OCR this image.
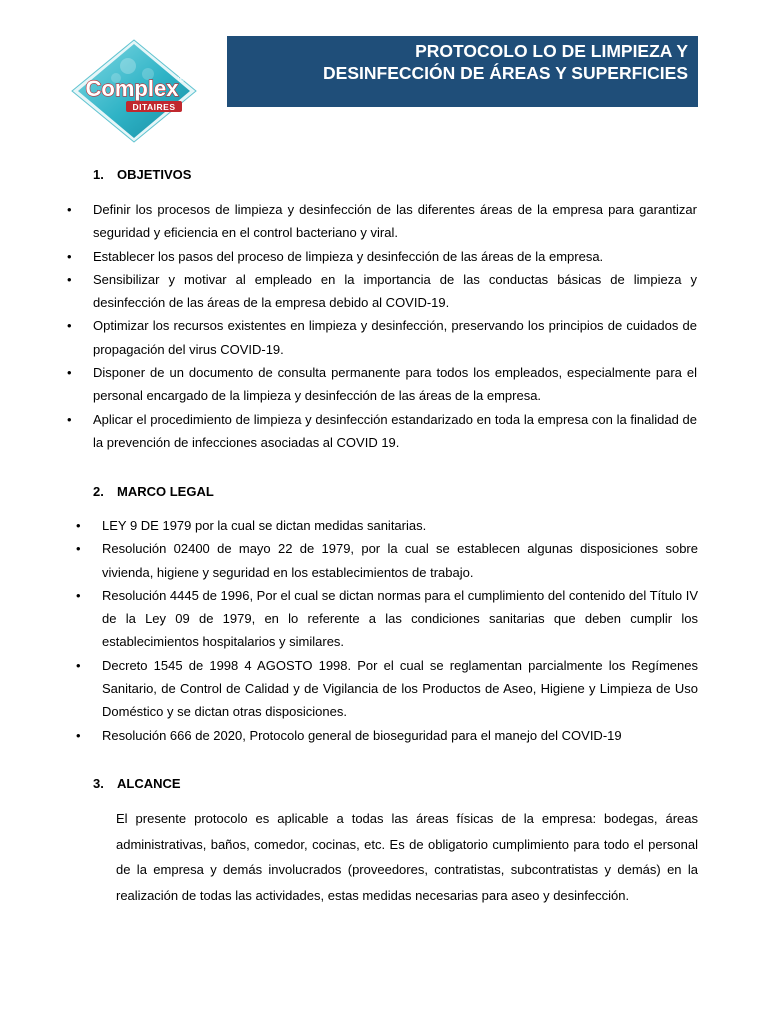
Complex ®
DITAIRES
PROTOCOLO LO DE LIMPIEZA Y
DESINFECCIÓN DE ÁREAS Y SUPERFICIES
1. OBJETIVOS
• Definir los procesos de limpieza y desinfección de las diferentes áreas de la empresa para garantizar seguridad y eficiencia en el control bacteriano y viral.
• Establecer los pasos del proceso de limpieza y desinfección de las áreas de la empresa.
• Sensibilizar y motivar al empleado en la importancia de las conductas básicas de limpieza y desinfección de las áreas de la empresa debido al COVID-19.
• Optimizar los recursos existentes en limpieza y desinfección, preservando los principios de cuidados de propagación del virus COVID-19.
• Disponer de un documento de consulta permanente para todos los empleados, especialmente para el personal encargado de la limpieza y desinfección de las áreas de la empresa.
• Aplicar el procedimiento de limpieza y desinfección estandarizado en toda la empresa con la finalidad de la prevención de infecciones asociadas al COVID 19.
2. MARCO LEGAL
• LEY 9 DE 1979 por la cual se dictan medidas sanitarias.
• Resolución 02400 de mayo 22 de 1979, por la cual se establecen algunas disposiciones sobre vivienda, higiene y seguridad en los establecimientos de trabajo.
• Resolución 4445 de 1996, Por el cual se dictan normas para el cumplimiento del contenido del Título IV de la Ley 09 de 1979, en lo referente a las condiciones sanitarias que deben cumplir los establecimientos hospitalarios y similares.
• Decreto 1545 de 1998 4 AGOSTO 1998. Por el cual se reglamentan parcialmente los Regímenes Sanitario, de Control de Calidad y de Vigilancia de los Productos de Aseo, Higiene y Limpieza de Uso Doméstico y se dictan otras disposiciones.
• Resolución 666 de 2020, Protocolo general de bioseguridad para el manejo del COVID-19
3. ALCANCE

El presente protocolo es aplicable a todas las áreas físicas de la empresa: bodegas, áreas administrativas, baños, comedor, cocinas, etc. Es de obligatorio cumplimiento para todo el personal de la empresa y demás involucrados (proveedores, contratistas, subcontratistas y demás) en la realización de todas las actividades, estas medidas necesarias para aseo y desinfección.
